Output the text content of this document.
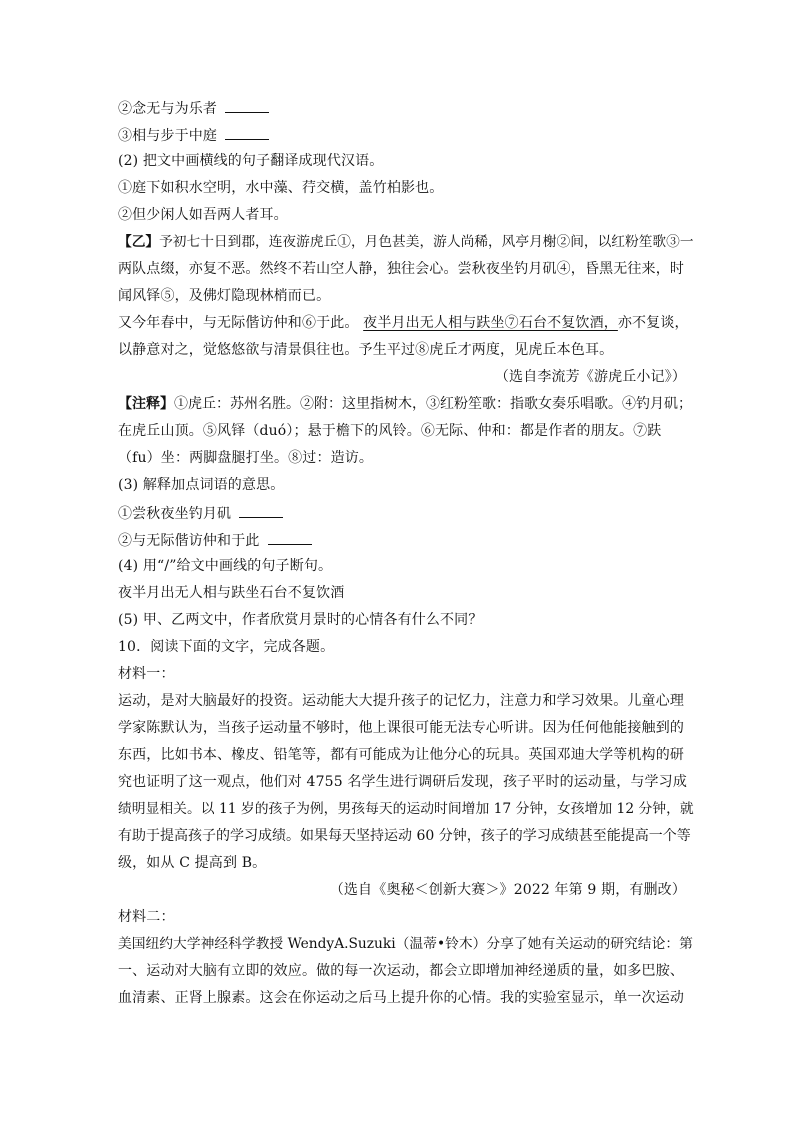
②念无与为乐者
③相与步于中庭
(2) 把文中画横线的句子翻译成现代汉语。
①庭下如积水空明，水中藻、荇交横，盖竹柏影也。
②但少闲人如吾两人者耳。
【乙】予初七十日到郡，连夜游虎丘①，月色甚美，游人尚稀，风亭月榭②间，以红粉笙歌③一
两队点缀，亦复不恶。然终不若山空人静，独往会心。尝秋夜坐钓月矶④，昏黑无往来，时
闻风铎⑤，及佛灯隐现林梢而已。
又今年春中，与无际偕访仲和⑥于此。 夜半月出无人相与趺坐⑦石台不复饮酒，亦不复谈，
以静意对之，觉悠悠欲与清景俱往也。予生平过⑧虎丘才两度，见虎丘本色耳。
（选自李流芳《游虎丘小记》）
【注释】①虎丘：苏州名胜。②附：这里指树木，③红粉笙歌：指歌女奏乐唱歌。④钓月矶；
在虎丘山顶。⑤风铎（duó）；悬于檐下的风铃。⑥无际、仲和：都是作者的朋友。⑦趺
（fu）坐：两脚盘腿打坐。⑧过：造访。
(3) 解释加点词语的意思。
①尝秋夜坐钓月矶
②与无际偕访仲和于此
(4) 用“/”给文中画线的句子断句。
夜半月出无人相与趺坐石台不复饮酒
(5) 甲、乙两文中，作者欣赏月景时的心情各有什么不同？
10．阅读下面的文字，完成各题。
材料一：
运动，是对大脑最好的投资。运动能大大提升孩子的记忆力，注意力和学习效果。儿童心理
学家陈默认为，当孩子运动量不够时，他上课很可能无法专心听讲。因为任何他能接触到的
东西，比如书本、橡皮、铅笔等，都有可能成为让他分心的玩具。英国邓迪大学等机构的研
究也证明了这一观点，他们对 4755 名学生进行调研后发现，孩子平时的运动量，与学习成
绩明显相关。以 11 岁的孩子为例，男孩每天的运动时间增加 17 分钟，女孩增加 12 分钟，就
有助于提高孩子的学习成绩。如果每天坚持运动 60 分钟，孩子的学习成绩甚至能提高一个等
级，如从 C 提高到 B。
（选自《奥秘＜创新大赛＞》2022 年第 9 期，有删改）
材料二：
美国纽约大学神经科学教授 WendyA.Suzuki（温蒂•铃木）分享了她有关运动的研究结论：第
一、运动对大脑有立即的效应。做的每一次运动，都会立即增加神经递质的量，如多巴胺、
血清素、正肾上腺素。这会在你运动之后马上提升你的心情。我的实验室显示，单一次运动
